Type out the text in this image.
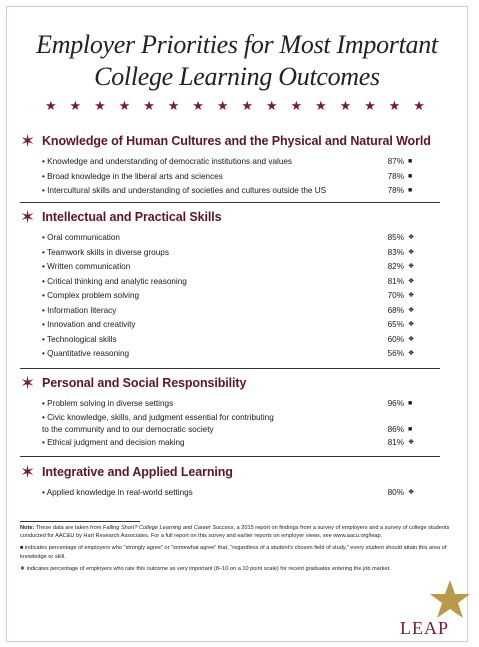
Employer Priorities for Most Important
College Learning Outcomes
★ ★ ★ ★ ★ ★ ★ ★ ★ ★ ★ ★ ★ ★ ★ ★
✶ Knowledge of Human Cultures and the Physical and Natural World
• Knowledge and understanding of democratic institutions and values	87% ■
• Broad knowledge in the liberal arts and sciences	78% ■
• Intercultural skills and understanding of societies and cultures outside the US	78% ■
✶ Intellectual and Practical Skills
• Oral communication	85% ❖
• Teamwork skills in diverse groups	83% ❖
• Written communication	82% ❖
• Critical thinking and analytic reasoning	81% ❖
• Complex problem solving	70% ❖
• Information literacy	68% ❖
• Innovation and creativity	65% ❖
• Technological skills	60% ❖
• Quantitative reasoning	56% ❖
✶ Personal and Social Responsibility
• Problem solving in diverse settings	96% ■
• Civic knowledge, skills, and judgment essential for contributing
to the community and to our democratic society	86% ■
• Ethical judgment and decision making	81% ❖
✶ Integrative and Applied Learning
• Applied knowledge in real-world settings	80% ❖
Note: These data are taken from Falling Short? College Learning and Career Success, a 2015 report on findings from a survey of employers and a survey of college students conducted for AAC&U by Hart Research Associates. For a full report on this survey and earlier reports on employer views, see www.aacu.org/leap.
■ indicates percentage of employers who "strongly agree" or "somewhat agree" that, "regardless of a student's chosen field of study," every student should attain this area of knowledge or skill.
❖ indicates percentage of employers who rate this outcome as very important (8–10 on a 10 point scale) for recent graduates entering the job market.
LEAP
